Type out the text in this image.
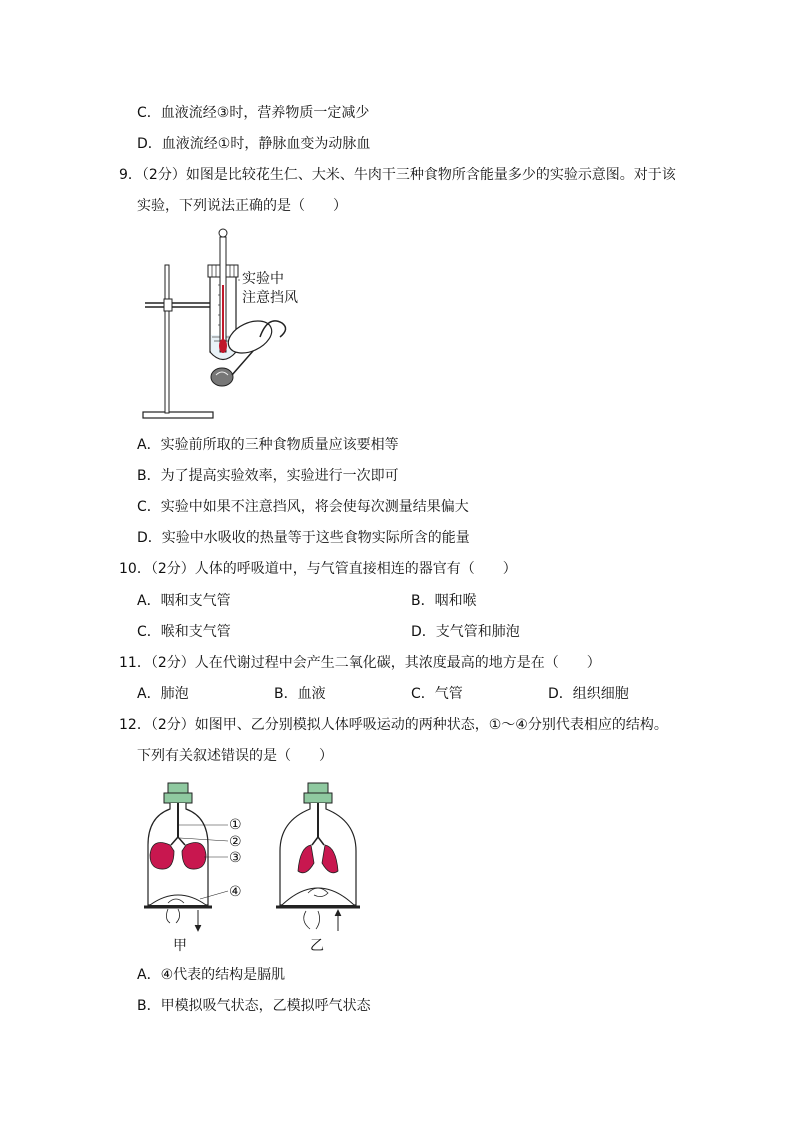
C．血液流经③时，营养物质一定减少
D．血液流经①时，静脉血变为动脉血
9．（2分）如图是比较花生仁、大米、牛肉干三种食物所含能量多少的实验示意图。对于该
实验，下列说法正确的是（　　）
实验中
注意挡风
A．实验前所取的三种食物质量应该要相等
B．为了提高实验效率，实验进行一次即可
C．实验中如果不注意挡风，将会使每次测量结果偏大
D．实验中水吸收的热量等于这些食物实际所含的能量
10．（2分）人体的呼吸道中，与气管直接相连的器官有（　　）
A．咽和支气管	B．咽和喉
C．喉和支气管	D．支气管和肺泡
11．（2分）人在代谢过程中会产生二氧化碳，其浓度最高的地方是在（　　）
A．肺泡	B．血液	C．气管	D．组织细胞
12．（2分）如图甲、乙分别模拟人体呼吸运动的两种状态，①～④分别代表相应的结构。
下列有关叙述错误的是（　　）
①
②
③
④
甲	乙
A．④代表的结构是膈肌
B．甲模拟吸气状态，乙模拟呼气状态
